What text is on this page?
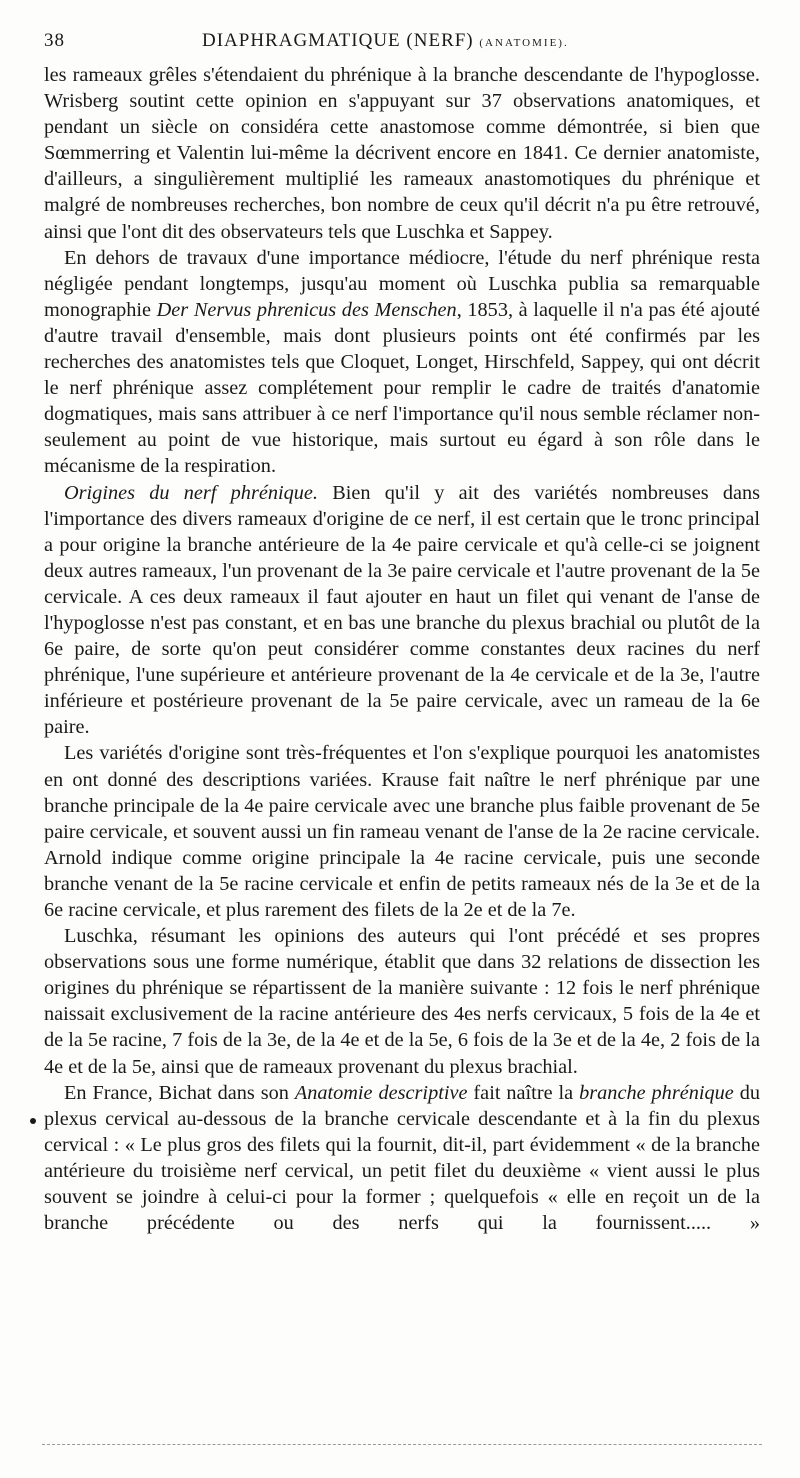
38	DIAPHRAGMATIQUE (NERF) (ANATOMIE).

les rameaux grêles s'étendaient du phrénique à la branche descendante de l'hypoglosse. Wrisberg soutint cette opinion en s'appuyant sur 37 observations anatomiques, et pendant un siècle on considéra cette anastomose comme démontrée, si bien que Sœmmerring et Valentin lui-même la décrivent encore en 1841. Ce dernier anatomiste, d'ailleurs, a singulièrement multiplié les rameaux anastomotiques du phrénique et malgré de nombreuses recherches, bon nombre de ceux qu'il décrit n'a pu être retrouvé, ainsi que l'ont dit des observateurs tels que Luschka et Sappey.

En dehors de travaux d'une importance médiocre, l'étude du nerf phrénique resta négligée pendant longtemps, jusqu'au moment où Luschka publia sa remarquable monographie Der Nervus phrenicus des Menschen, 1853, à laquelle il n'a pas été ajouté d'autre travail d'ensemble, mais dont plusieurs points ont été confirmés par les recherches des anatomistes tels que Cloquet, Longet, Hirschfeld, Sappey, qui ont décrit le nerf phrénique assez complétement pour remplir le cadre de traités d'anatomie dogmatiques, mais sans attribuer à ce nerf l'importance qu'il nous semble réclamer non-seulement au point de vue historique, mais surtout eu égard à son rôle dans le mécanisme de la respiration.

Origines du nerf phrénique. Bien qu'il y ait des variétés nombreuses dans l'importance des divers rameaux d'origine de ce nerf, il est certain que le tronc principal a pour origine la branche antérieure de la 4e paire cervicale et qu'à celle-ci se joignent deux autres rameaux, l'un provenant de la 3e paire cervicale et l'autre provenant de la 5e cervicale. A ces deux rameaux il faut ajouter en haut un filet qui venant de l'anse de l'hypoglosse n'est pas constant, et en bas une branche du plexus brachial ou plutôt de la 6e paire, de sorte qu'on peut considérer comme constantes deux racines du nerf phrénique, l'une supérieure et antérieure provenant de la 4e cervicale et de la 3e, l'autre inférieure et postérieure provenant de la 5e paire cervicale, avec un rameau de la 6e paire.

Les variétés d'origine sont très-fréquentes et l'on s'explique pourquoi les anatomistes en ont donné des descriptions variées. Krause fait naître le nerf phrénique par une branche principale de la 4e paire cervicale avec une branche plus faible provenant de 5e paire cervicale, et souvent aussi un fin rameau venant de l'anse de la 2e racine cervicale. Arnold indique comme origine principale la 4e racine cervicale, puis une seconde branche venant de la 5e racine cervicale et enfin de petits rameaux nés de la 3e et de la 6e racine cervicale, et plus rarement des filets de la 2e et de la 7e.

Luschka, résumant les opinions des auteurs qui l'ont précédé et ses propres observations sous une forme numérique, établit que dans 32 relations de dissection les origines du phrénique se répartissent de la manière suivante : 12 fois le nerf phrénique naissait exclusivement de la racine antérieure des 4es nerfs cervicaux, 5 fois de la 4e et de la 5e racine, 7 fois de la 3e, de la 4e et de la 5e, 6 fois de la 3e et de la 4e, 2 fois de la 4e et de la 5e, ainsi que de rameaux provenant du plexus brachial.

En France, Bichat dans son Anatomie descriptive fait naître la branche phrénique du plexus cervical au-dessous de la branche cervicale descendante et à la fin du plexus cervical : « Le plus gros des filets qui la fournit, dit-il, part évidemment « de la branche antérieure du troisième nerf cervical, un petit filet du deuxième « vient aussi le plus souvent se joindre à celui-ci pour la former ; quelquefois « elle en reçoit un de la branche précédente ou des nerfs qui la fournissent..... »
